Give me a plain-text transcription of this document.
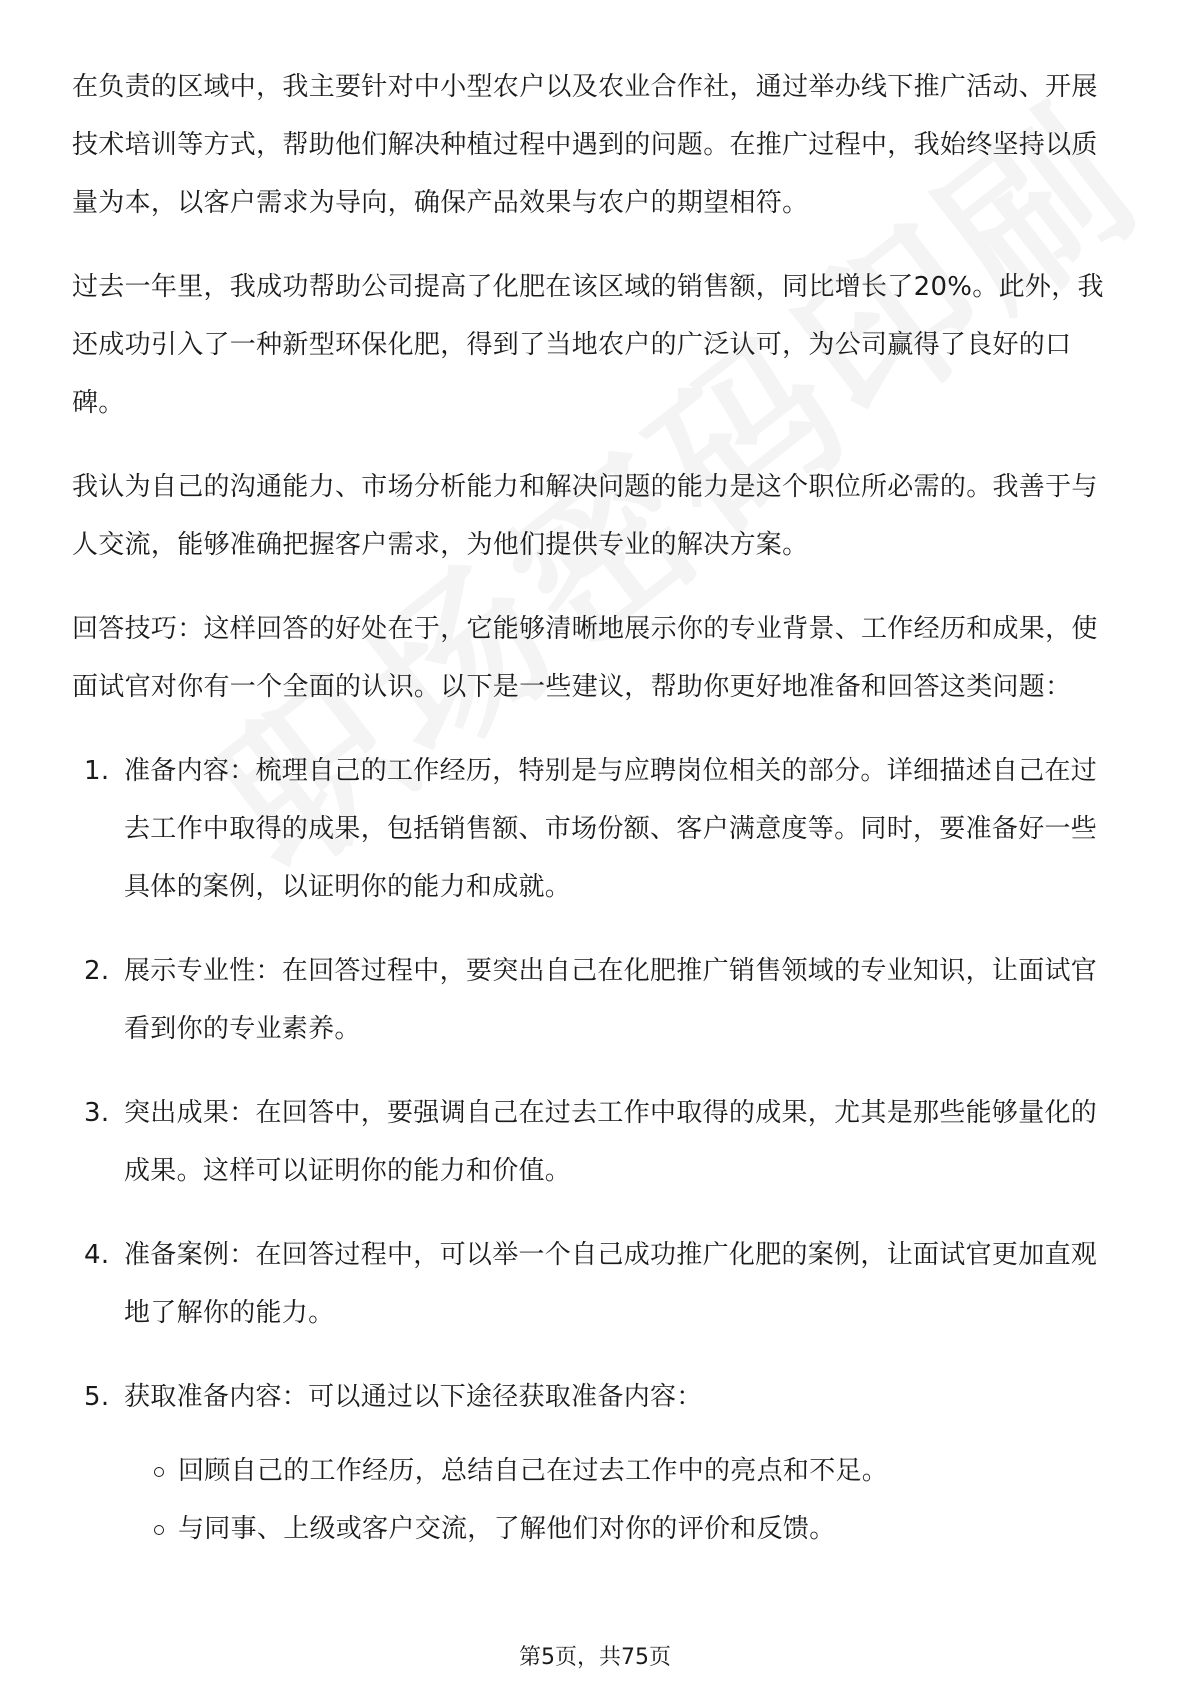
在负责的区域中，我主要针对中小型农户以及农业合作社，通过举办线下推广活动、开展技术培训等方式，帮助他们解决种植过程中遇到的问题。在推广过程中，我始终坚持以质量为本，以客户需求为导向，确保产品效果与农户的期望相符。

过去一年里，我成功帮助公司提高了化肥在该区域的销售额，同比增长了20%。此外，我还成功引入了一种新型环保化肥，得到了当地农户的广泛认可，为公司赢得了良好的口碑。

我认为自己的沟通能力、市场分析能力和解决问题的能力是这个职位所必需的。我善于与人交流，能够准确把握客户需求，为他们提供专业的解决方案。

回答技巧：这样回答的好处在于，它能够清晰地展示你的专业背景、工作经历和成果，使面试官对你有一个全面的认识。以下是一些建议，帮助你更好地准备和回答这类问题：

1. 准备内容：梳理自己的工作经历，特别是与应聘岗位相关的部分。详细描述自己在过去工作中取得的成果，包括销售额、市场份额、客户满意度等。同时，要准备好一些具体的案例，以证明你的能力和成就。
2. 展示专业性：在回答过程中，要突出自己在化肥推广销售领域的专业知识，让面试官看到你的专业素养。
3. 突出成果：在回答中，要强调自己在过去工作中取得的成果，尤其是那些能够量化的成果。这样可以证明你的能力和价值。
4. 准备案例：在回答过程中，可以举一个自己成功推广化肥的案例，让面试官更加直观地了解你的能力。
5. 获取准备内容：可以通过以下途径获取准备内容：
回顾自己的工作经历，总结自己在过去工作中的亮点和不足。
与同事、上级或客户交流，了解他们对你的评价和反馈。
第5页，共75页
